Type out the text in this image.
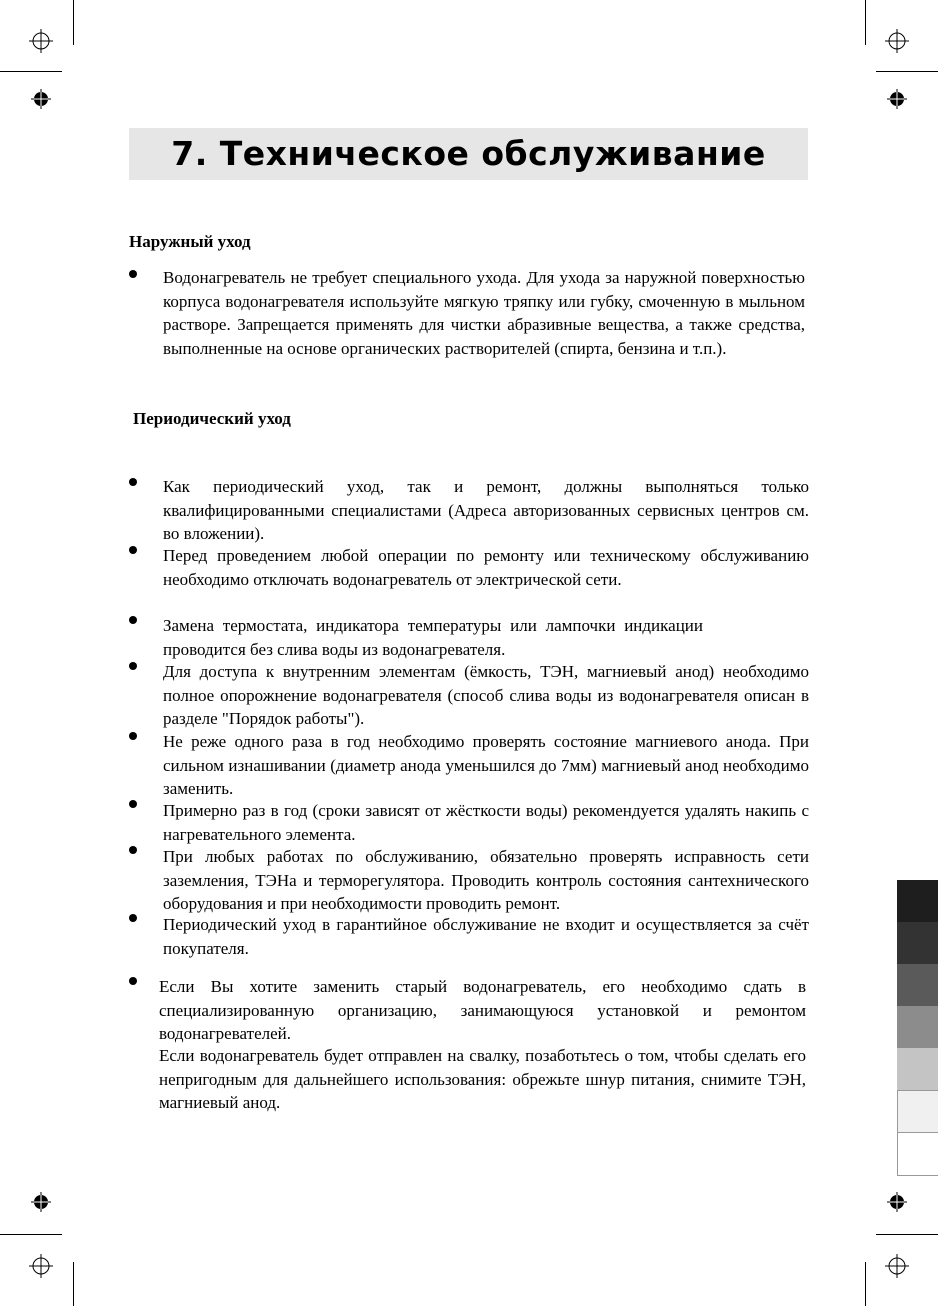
7. Техническое обслуживание
Наружный уход
Водонагреватель не требует специального ухода. Для ухода за наружной поверхностью корпуса водонагревателя используйте мягкую тряпку или губку, смоченную в мыльном растворе. Запрещается применять для чистки абразивные вещества, а также средства, выполненные на основе органических растворителей (спирта, бензина и т.п.).
Периодический уход
Как периодический уход, так и ремонт, должны выполняться только квалифицированными специалистами (Адреса авторизованных сервисных центров см. во вложении).
Перед проведением любой операции по ремонту или техническому обслуживанию необходимо отключать водонагреватель от электрической сети.
Замена термостата, индикатора температуры или лампочки индикации проводится без слива воды из водонагревателя.
Для доступа к внутренним элементам (ёмкость, ТЭН, магниевый анод) необходимо полное опорожнение водонагревателя (способ слива воды из водонагревателя описан в разделе "Порядок работы").
Не реже одного раза в год необходимо проверять состояние магниевого анода. При сильном изнашивании (диаметр анода уменьшился до 7мм) магниевый анод необходимо заменить.
Примерно раз в год (сроки зависят от жёсткости воды) рекомендуется удалять накипь с нагревательного элемента.
При любых работах по обслуживанию, обязательно проверять исправность сети заземления, ТЭНа и терморегулятора. Проводить контроль состояния сантехнического оборудования и при необходимости проводить ремонт.
Периодический уход в гарантийное обслуживание не входит и осуществляется за счёт покупателя.
Если Вы хотите заменить старый водонагреватель, его необходимо сдать в специализированную организацию, занимающуюся установкой и ремонтом водонагревателей.
Если водонагреватель будет отправлен на свалку, позаботьтесь о том, чтобы сделать его непригодным для дальнейшего использования: обрежьте шнур питания, снимите ТЭН, магниевый анод.
